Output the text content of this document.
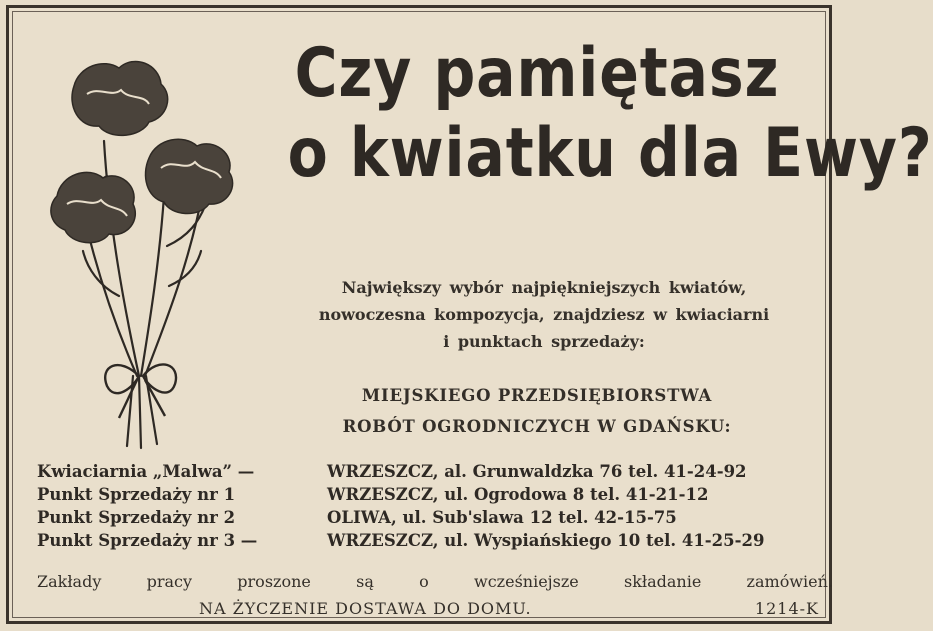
Czy pamiętasz
o kwiatku dla Ewy?
Największy wybór najpiękniejszych kwiatów,
nowoczesna kompozycja, znajdziesz w kwiaciarni
i punktach sprzedaży:
MIEJSKIEGO PRZEDSIĘBIORSTWA
ROBÓT OGRODNICZYCH W GDAŃSKU:
Kwiaciarnia „Malwa” —	WRZESZCZ, al. Grunwaldzka 76 tel. 41-24-92
Punkt Sprzedaży nr 1	WRZESZCZ, ul. Ogrodowa 8 tel. 41-21-12
Punkt Sprzedaży nr 2	OLIWA, ul. Sub'slawa 12 tel. 42-15-75
Punkt Sprzedaży nr 3 —	WRZESZCZ, ul. Wyspiańskiego 10 tel. 41-25-29
Zakłady pracy proszone są o wcześniejsze składanie zamówień.
NA ŻYCZENIE DOSTAWA DO DOMU.	1214-K
